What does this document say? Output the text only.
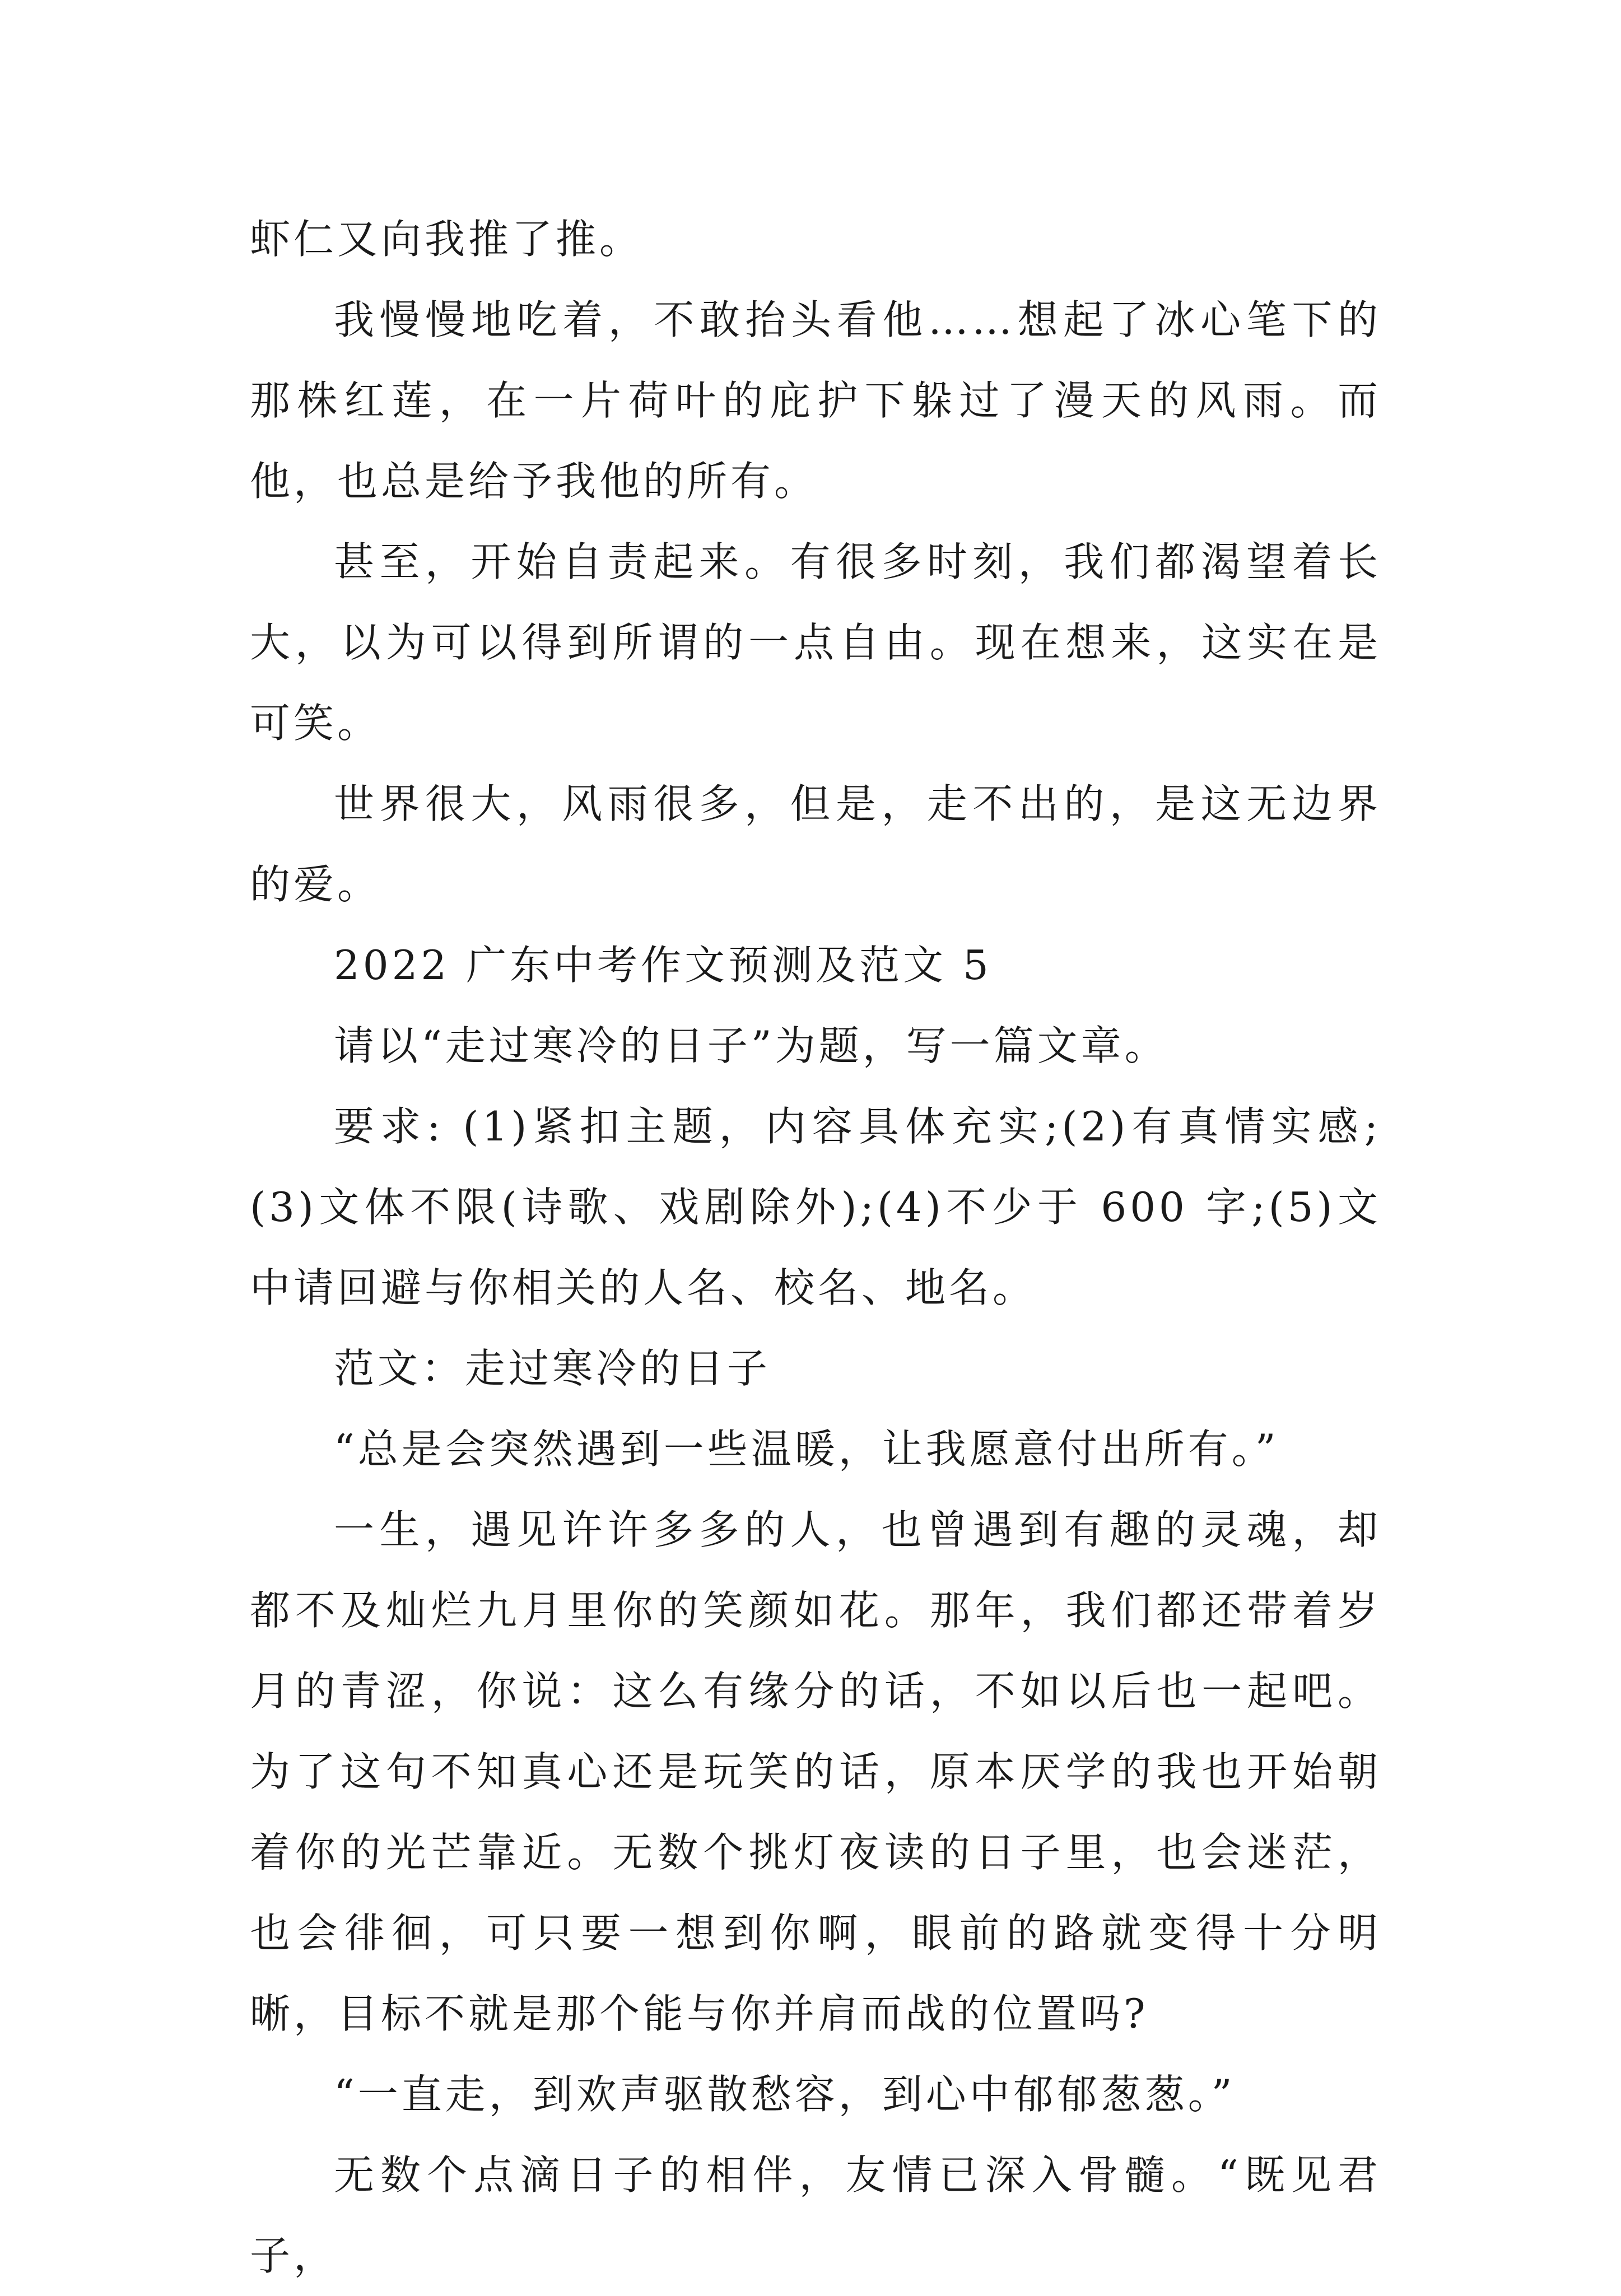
虾仁又向我推了推。

我慢慢地吃着，不敢抬头看他……想起了冰心笔下的那株红莲，在一片荷叶的庇护下躲过了漫天的风雨。而他，也总是给予我他的所有。

甚至，开始自责起来。有很多时刻，我们都渴望着长大，以为可以得到所谓的一点自由。现在想来，这实在是可笑。

世界很大，风雨很多，但是，走不出的，是这无边界的爱。

2022 广东中考作文预测及范文 5

请以“走过寒冷的日子”为题，写一篇文章。

要求: (1)紧扣主题，内容具体充实;(2)有真情实感;(3)文体不限(诗歌、戏剧除外);(4)不少于 600 字;(5)文中请回避与你相关的人名、校名、地名。

范文：走过寒冷的日子

“总是会突然遇到一些温暖，让我愿意付出所有。”

一生，遇见许许多多的人，也曾遇到有趣的灵魂，却都不及灿烂九月里你的笑颜如花。那年，我们都还带着岁月的青涩，你说：这么有缘分的话，不如以后也一起吧。为了这句不知真心还是玩笑的话，原本厌学的我也开始朝着你的光芒靠近。无数个挑灯夜读的日子里，也会迷茫，也会徘徊，可只要一想到你啊，眼前的路就变得十分明晰，目标不就是那个能与你并肩而战的位置吗?

“一直走，到欢声驱散愁容，到心中郁郁葱葱。”

无数个点滴日子的相伴，友情已深入骨髓。“既见君子，
